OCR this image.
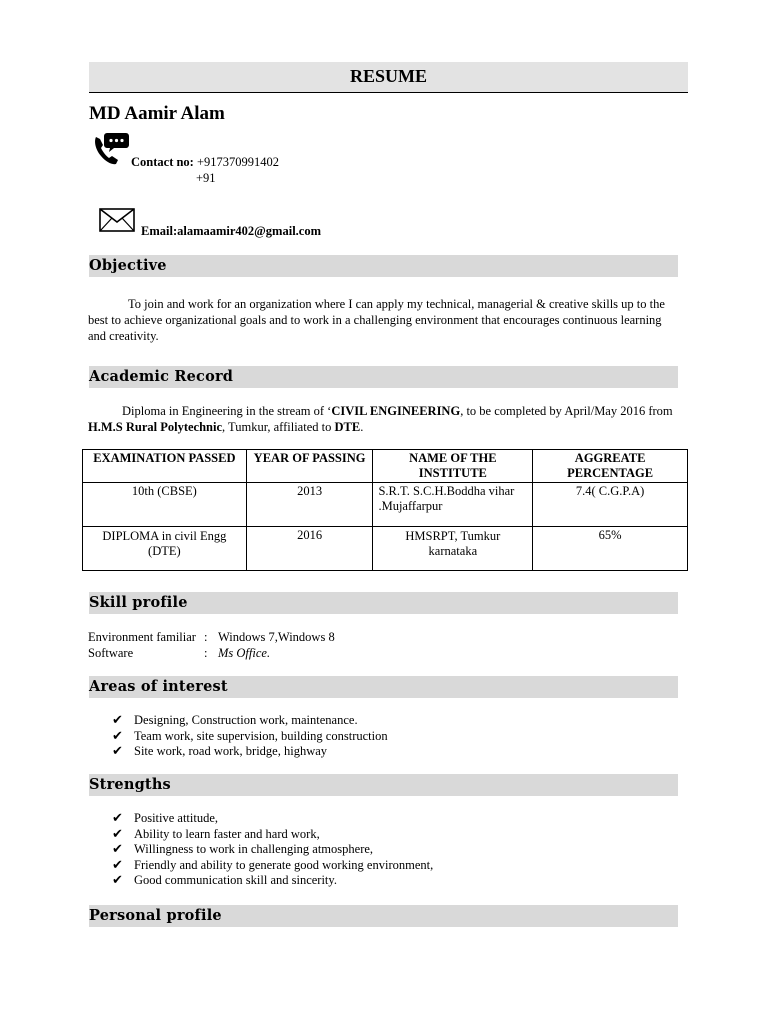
RESUME
MD Aamir Alam
Contact no: +917370991402
+91
Email:alamaamir402@gmail.com
Objective
To join and work for an organization where I can apply my technical, managerial & creative skills up to the best to achieve organizational goals and to work in a challenging environment that encourages continuous learning and creativity.
Academic Record
Diploma in Engineering in the stream of ‘CIVIL ENGINEERING, to be completed by April/May 2016 from H.M.S Rural Polytechnic, Tumkur, affiliated to DTE.
EXAMINATION PASSED	YEAR OF PASSING	NAME OF THE INSTITUTE	AGGREATE PERCENTAGE
10th (CBSE)	2013	S.R.T. S.C.H.Boddha vihar .Mujaffarpur	7.4( C.G.P.A)
DIPLOMA in civil Engg (DTE)	2016	HMSRPT, Tumkur karnataka	65%
Skill profile
Environment familiar : Windows 7,Windows 8
Software	: Ms Office.
Areas of interest
✔ Designing, Construction work, maintenance.
✔ Team work, site supervision, building construction
✔ Site work, road work, bridge, highway
Strengths
✔ Positive attitude,
✔ Ability to learn faster and hard work,
✔ Willingness to work in challenging atmosphere,
✔ Friendly and ability to generate good working environment,
✔ Good communication skill and sincerity.
Personal profile
